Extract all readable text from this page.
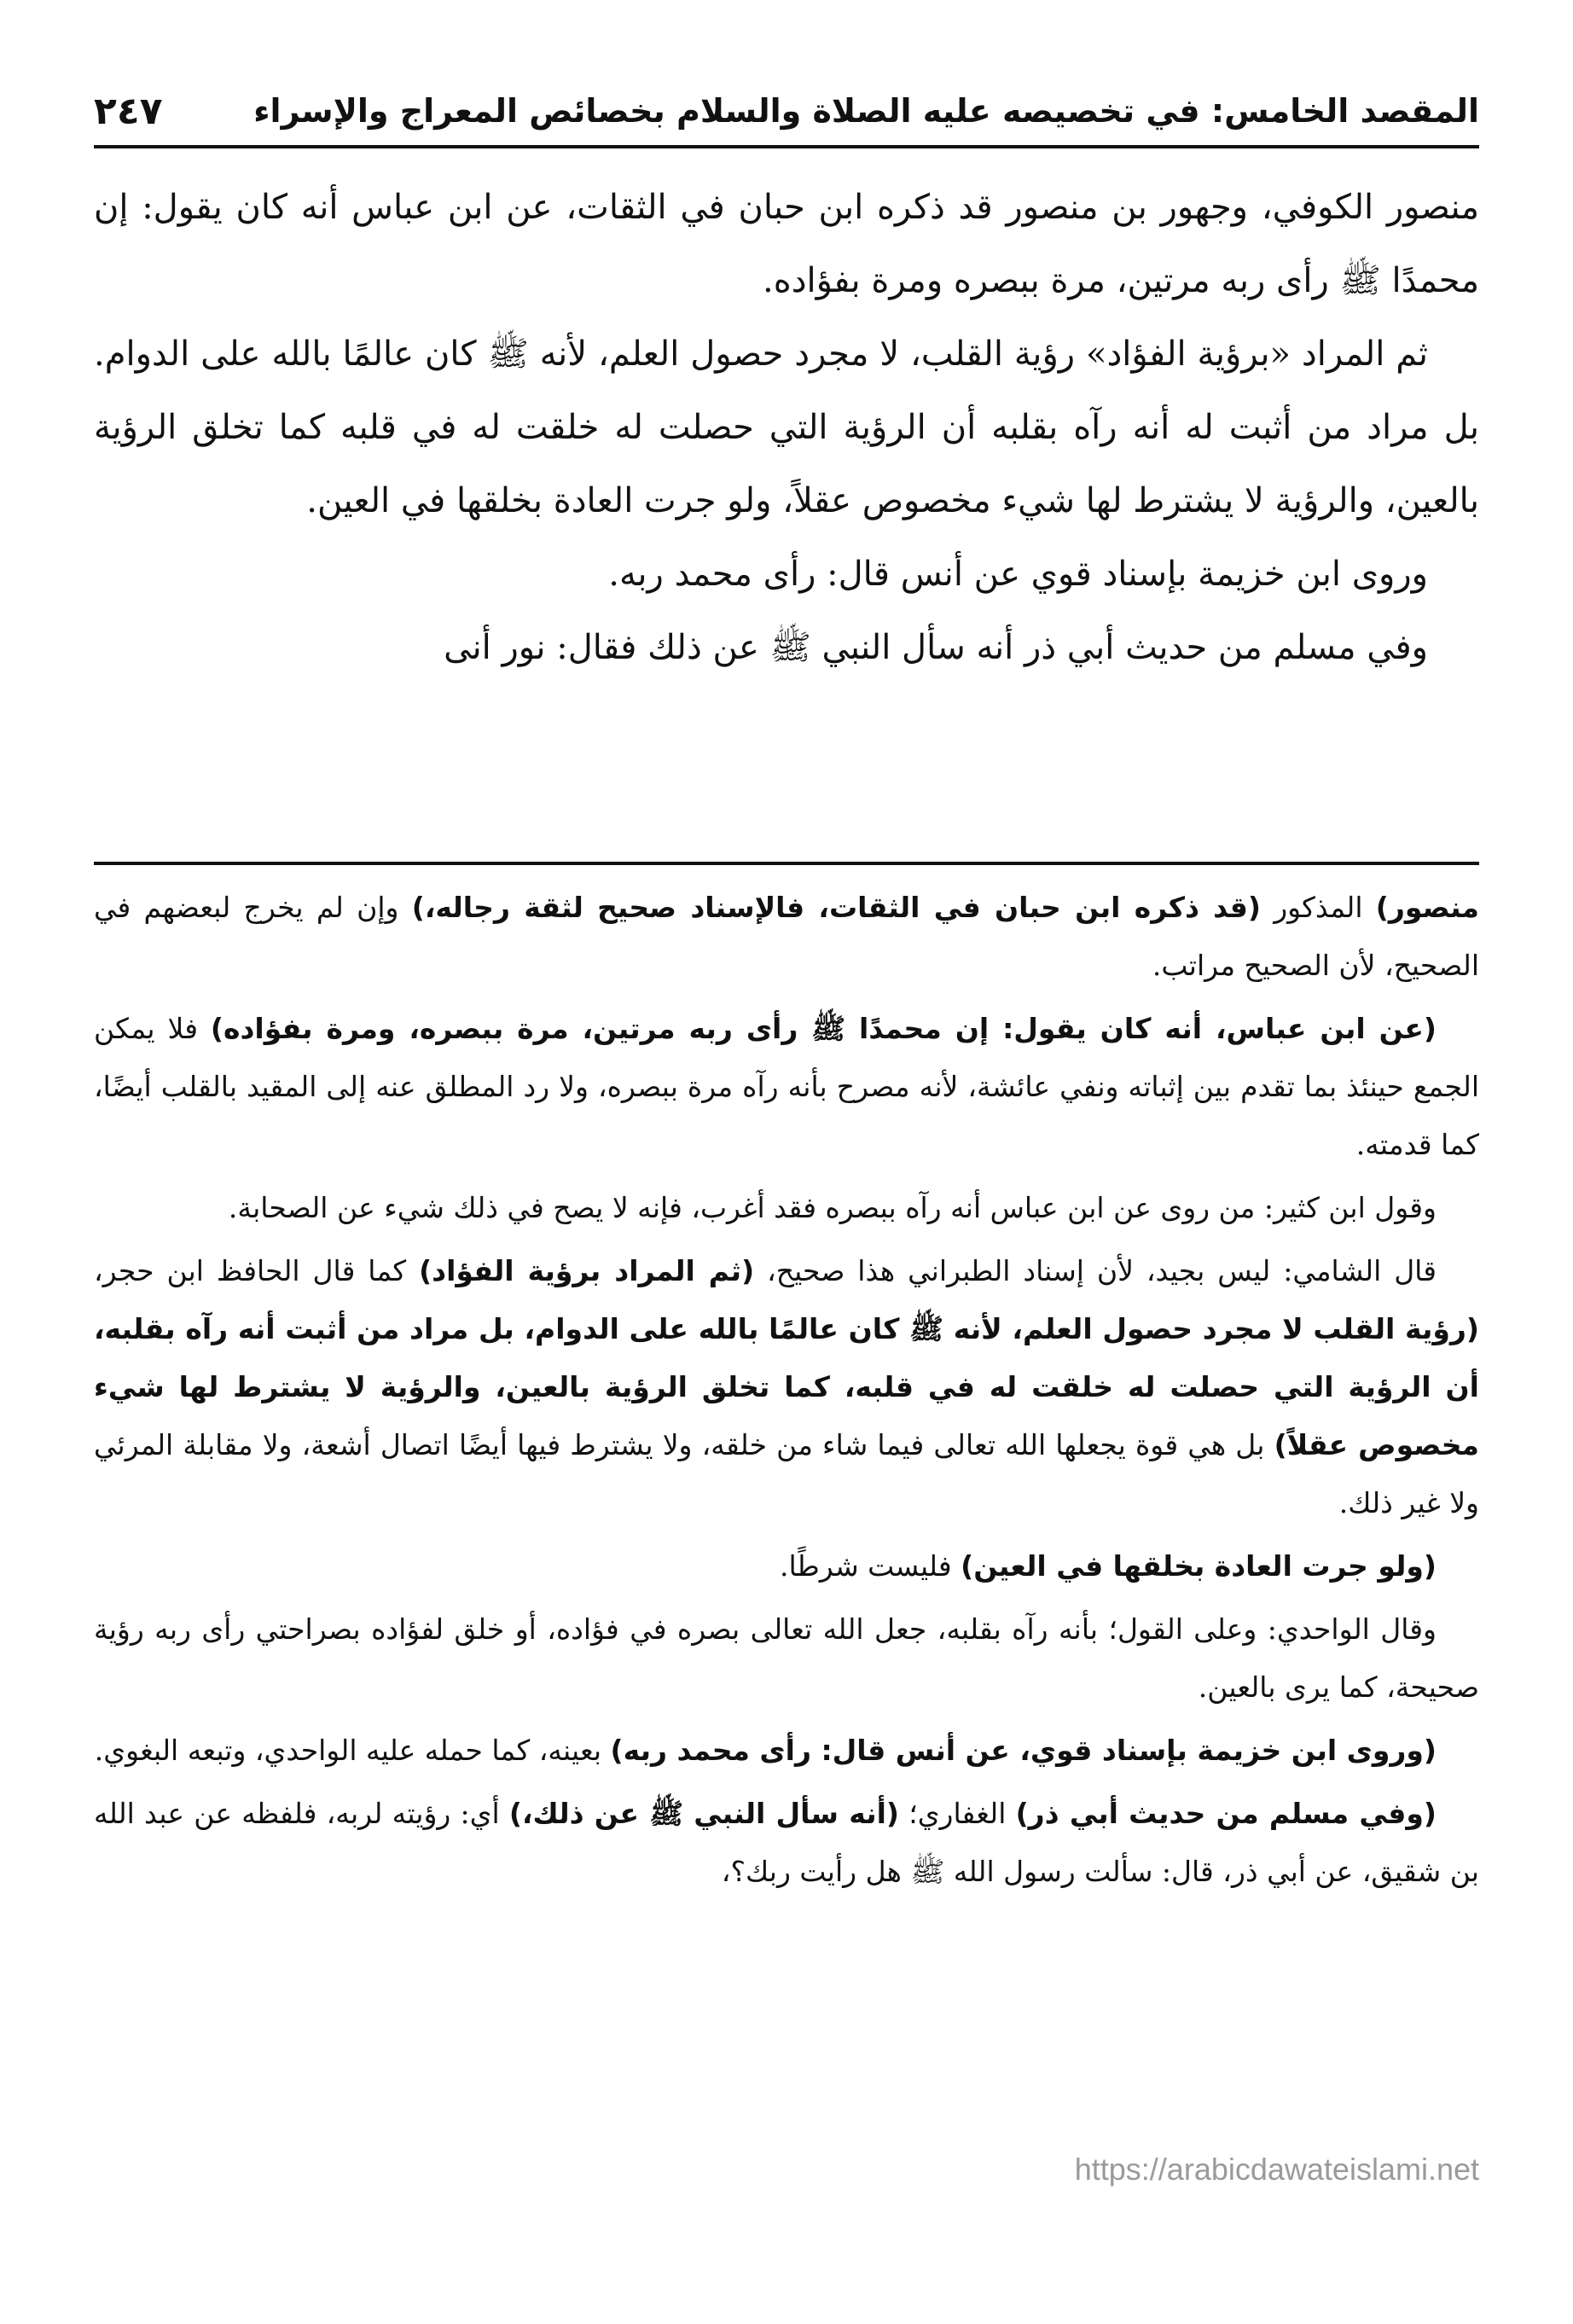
المقصد الخامس: في تخصيصه عليه الصلاة والسلام بخصائص المعراج والإسراء
٢٤٧

منصور الكوفي، وجهور بن منصور قد ذكره ابن حبان في الثقات، عن ابن عباس أنه كان يقول: إن محمدًا ﷺ رأى ربه مرتين، مرة ببصره ومرة بفؤاده.

ثم المراد «برؤية الفؤاد» رؤية القلب، لا مجرد حصول العلم، لأنه ﷺ كان عالمًا بالله على الدوام. بل مراد من أثبت له أنه رآه بقلبه أن الرؤية التي حصلت له خلقت له في قلبه كما تخلق الرؤية بالعين، والرؤية لا يشترط لها شيء مخصوص عقلاً، ولو جرت العادة بخلقها في العين.

وروى ابن خزيمة بإسناد قوي عن أنس قال: رأى محمد ربه.

وفي مسلم من حديث أبي ذر أنه سأل النبي ﷺ عن ذلك فقال: نور أنى

منصور) المذكور (قد ذكره ابن حبان في الثقات، فالإسناد صحيح لثقة رجاله،) وإن لم يخرج لبعضهم في الصحيح، لأن الصحيح مراتب.

(عن ابن عباس، أنه كان يقول: إن محمدًا ﷺ رأى ربه مرتين، مرة ببصره، ومرة بفؤاده) فلا يمكن الجمع حينئذ بما تقدم بين إثباته ونفي عائشة، لأنه مصرح بأنه رآه مرة ببصره، ولا رد المطلق عنه إلى المقيد بالقلب أيضًا، كما قدمته.

وقول ابن كثير: من روى عن ابن عباس أنه رآه ببصره فقد أغرب، فإنه لا يصح في ذلك شيء عن الصحابة.

قال الشامي: ليس بجيد، لأن إسناد الطبراني هذا صحيح، (ثم المراد برؤية الفؤاد) كما قال الحافظ ابن حجر، (رؤية القلب لا مجرد حصول العلم، لأنه ﷺ كان عالمًا بالله على الدوام، بل مراد من أثبت أنه رآه بقلبه، أن الرؤية التي حصلت له خلقت له في قلبه، كما تخلق الرؤية بالعين، والرؤية لا يشترط لها شيء مخصوص عقلاً) بل هي قوة يجعلها الله تعالى فيما شاء من خلقه، ولا يشترط فيها أيضًا اتصال أشعة، ولا مقابلة المرئي ولا غير ذلك.

(ولو جرت العادة بخلقها في العين) فليست شرطًا.

وقال الواحدي: وعلى القول؛ بأنه رآه بقلبه، جعل الله تعالى بصره في فؤاده، أو خلق لفؤاده بصراحتي رأى ربه رؤية صحيحة، كما يرى بالعين.

(وروى ابن خزيمة بإسناد قوي، عن أنس قال: رأى محمد ربه) بعينه، كما حمله عليه الواحدي، وتبعه البغوي.

(وفي مسلم من حديث أبي ذر) الغفاري؛ (أنه سأل النبي ﷺ عن ذلك،) أي: رؤيته لربه، فلفظه عن عبد الله بن شقيق، عن أبي ذر، قال: سألت رسول الله ﷺ هل رأيت ربك؟،

https://arabicdawateislami.net
